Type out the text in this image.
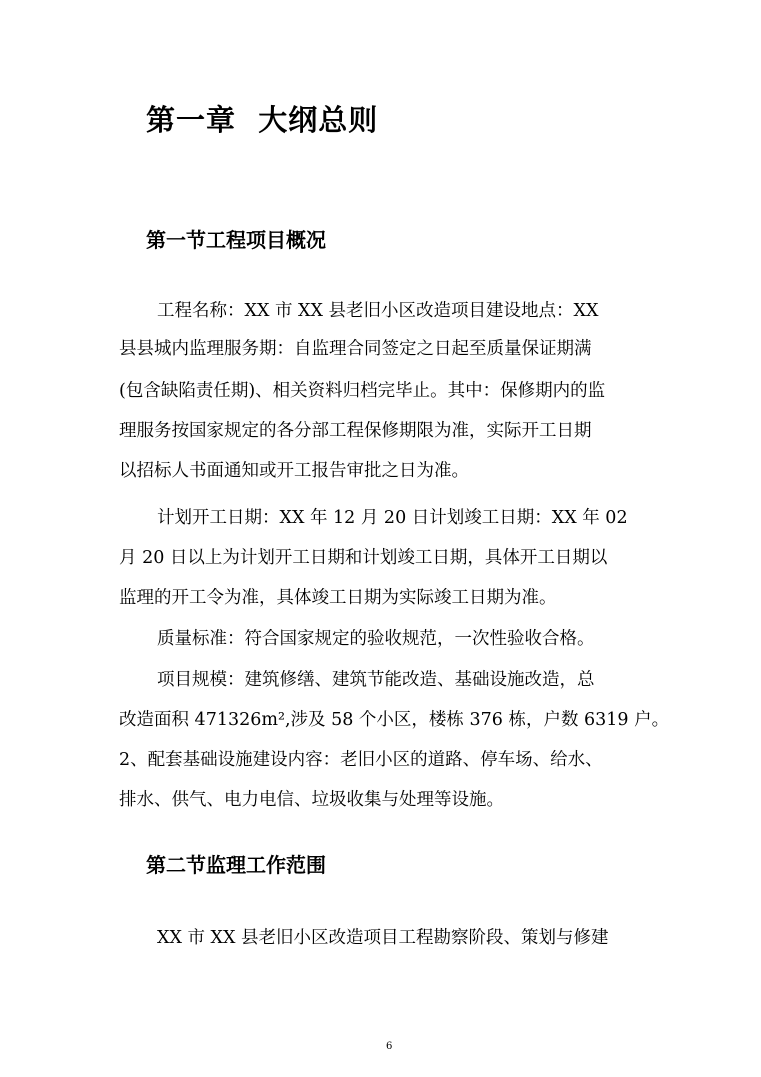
第一章  大纲总则
第一节工程项目概况
工程名称：XX 市 XX 县老旧小区改造项目建设地点：XX
县县城内监理服务期：自监理合同签定之日起至质量保证期满
(包含缺陷责任期)、相关资料归档完毕止。其中：保修期内的监
理服务按国家规定的各分部工程保修期限为准，实际开工日期
以招标人书面通知或开工报告审批之日为准。
计划开工日期：XX 年 12 月 20 日计划竣工日期：XX 年 02
月 20 日以上为计划开工日期和计划竣工日期，具体开工日期以
监理的开工令为准，具体竣工日期为实际竣工日期为准。
质量标准：符合国家规定的验收规范，一次性验收合格。
项目规模：建筑修缮、建筑节能改造、基础设施改造，总
改造面积 471326m²,涉及 58 个小区，楼栋 376 栋，户数 6319 户。
2、配套基础设施建设内容：老旧小区的道路、停车场、给水、
排水、供气、电力电信、垃圾收集与处理等设施。
第二节监理工作范围
XX 市 XX 县老旧小区改造项目工程勘察阶段、策划与修建
6
